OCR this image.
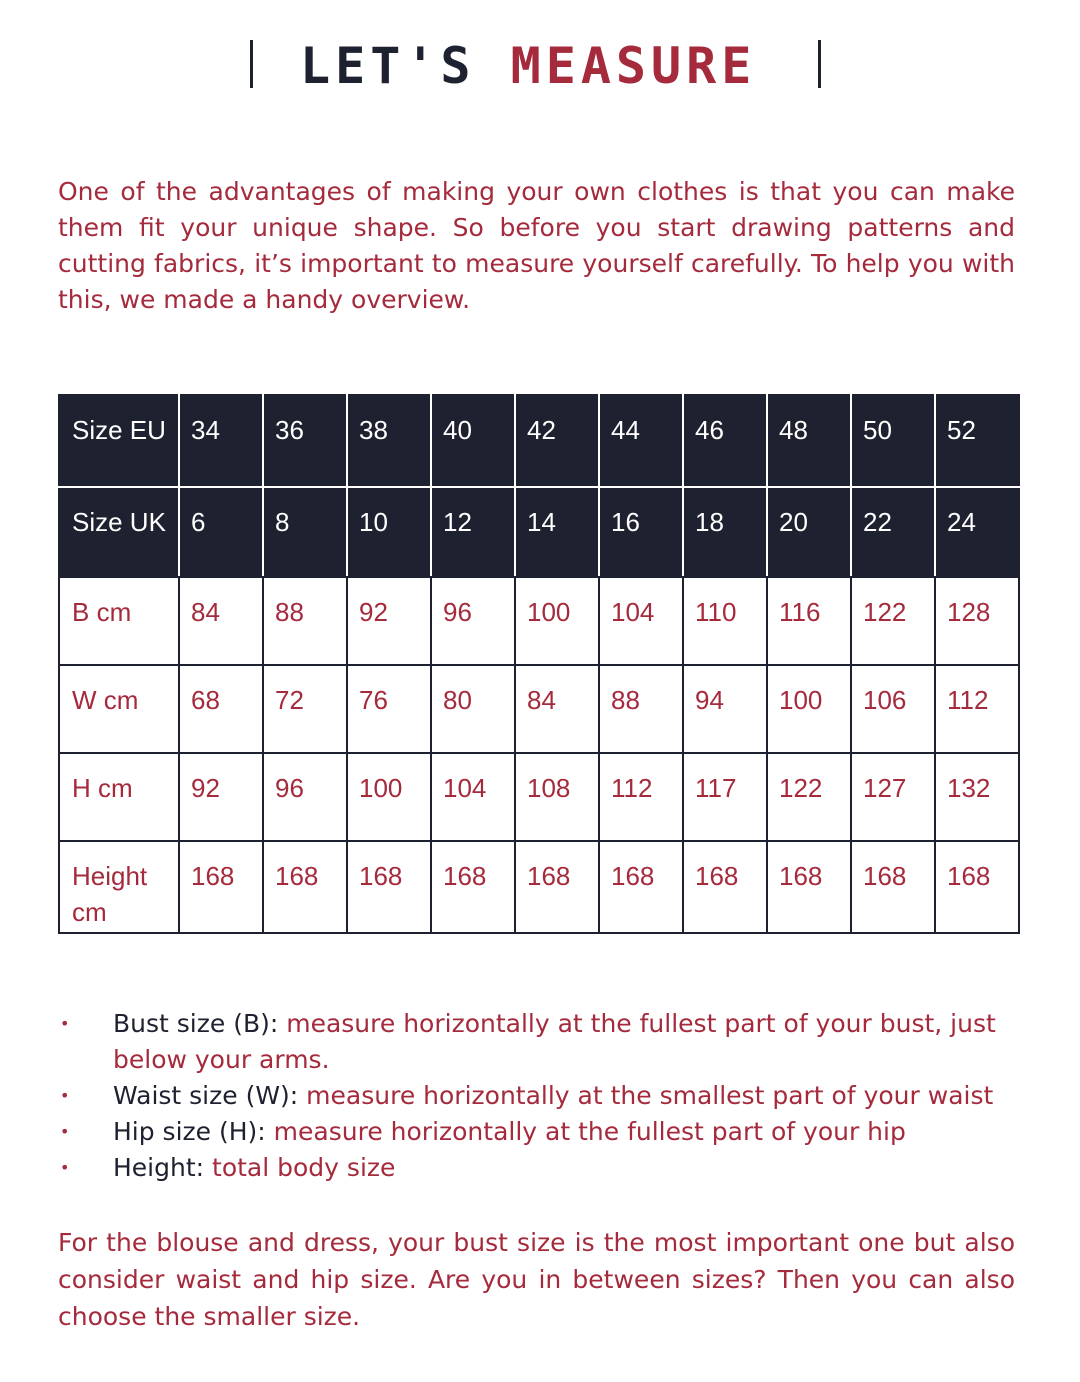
LET'S MEASURE

One of the advantages of making your own clothes is that you can make them fit your unique shape. So before you start drawing patterns and cutting fabrics, it’s important to measure yourself carefully. To help you with this, we made a handy overview.

Size EU	34	36	38	40	42	44	46	48	50	52
Size UK	6	8	10	12	14	16	18	20	22	24
B cm	84	88	92	96	100	104	110	116	122	128
W cm	68	72	76	80	84	88	94	100	106	112
H cm	92	96	100	104	108	112	117	122	127	132
Height cm	168	168	168	168	168	168	168	168	168	168
• Bust size (B): measure horizontally at the fullest part of your bust, just below your arms.
• Waist size (W): measure horizontally at the smallest part of your waist
• Hip size (H): measure horizontally at the fullest part of your hip
• Height: total body size

For the blouse and dress, your bust size is the most important one but also consider waist and hip size. Are you in between sizes? Then you can also choose the smaller size.
